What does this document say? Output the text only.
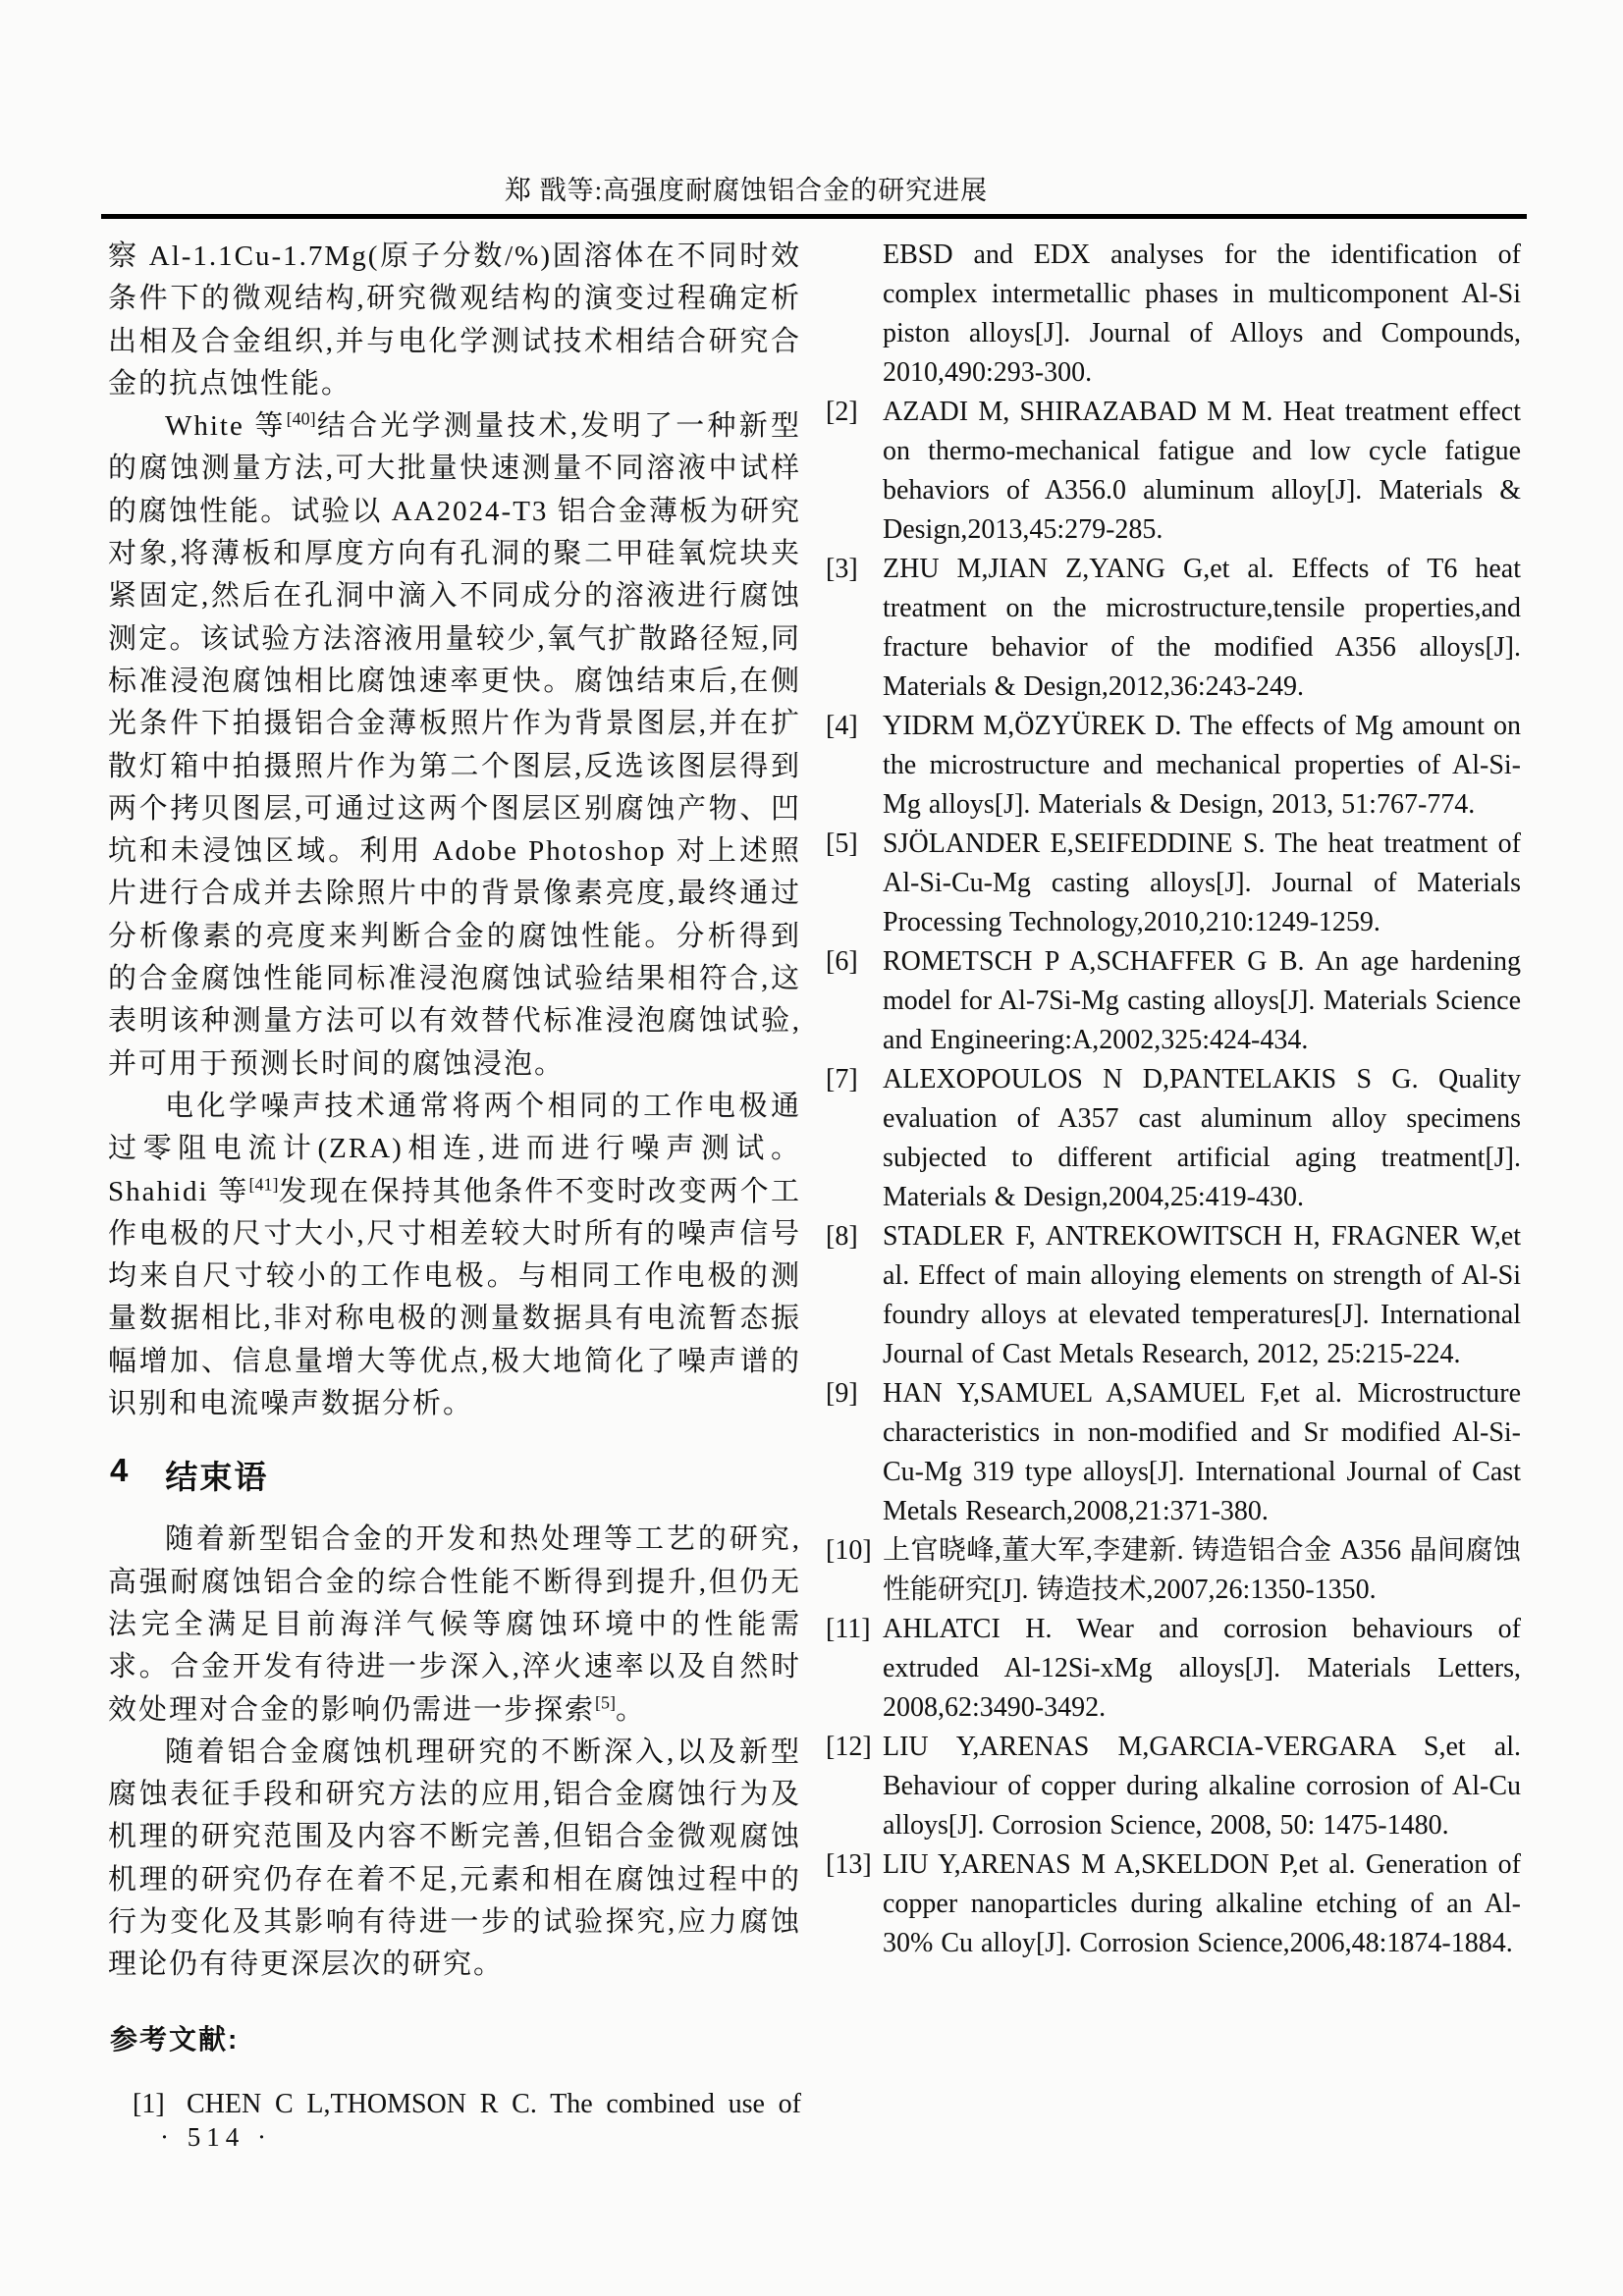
郑 戬等:高强度耐腐蚀铝合金的研究进展

察 Al-1.1Cu-1.7Mg(原子分数/%)固溶体在不同时效条件下的微观结构,研究微观结构的演变过程确定析出相及合金组织,并与电化学测试技术相结合研究合金的抗点蚀性能。

White 等[40]结合光学测量技术,发明了一种新型的腐蚀测量方法,可大批量快速测量不同溶液中试样的腐蚀性能。试验以 AA2024-T3 铝合金薄板为研究对象,将薄板和厚度方向有孔洞的聚二甲硅氧烷块夹紧固定,然后在孔洞中滴入不同成分的溶液进行腐蚀测定。该试验方法溶液用量较少,氧气扩散路径短,同标准浸泡腐蚀相比腐蚀速率更快。腐蚀结束后,在侧光条件下拍摄铝合金薄板照片作为背景图层,并在扩散灯箱中拍摄照片作为第二个图层,反选该图层得到两个拷贝图层,可通过这两个图层区别腐蚀产物、凹坑和未浸蚀区域。利用 Adobe Photoshop 对上述照片进行合成并去除照片中的背景像素亮度,最终通过分析像素的亮度来判断合金的腐蚀性能。分析得到的合金腐蚀性能同标准浸泡腐蚀试验结果相符合,这表明该种测量方法可以有效替代标准浸泡腐蚀试验,并可用于预测长时间的腐蚀浸泡。

电化学噪声技术通常将两个相同的工作电极通过零阻电流计(ZRA)相连,进而进行噪声测试。Shahidi 等[41]发现在保持其他条件不变时改变两个工作电极的尺寸大小,尺寸相差较大时所有的噪声信号均来自尺寸较小的工作电极。与相同工作电极的测量数据相比,非对称电极的测量数据具有电流暂态振幅增加、信息量增大等优点,极大地简化了噪声谱的识别和电流噪声数据分析。

4 结束语

随着新型铝合金的开发和热处理等工艺的研究,高强耐腐蚀铝合金的综合性能不断得到提升,但仍无法完全满足目前海洋气候等腐蚀环境中的性能需求。合金开发有待进一步深入,淬火速率以及自然时效处理对合金的影响仍需进一步探索[5]。

随着铝合金腐蚀机理研究的不断深入,以及新型腐蚀表征手段和研究方法的应用,铝合金腐蚀行为及机理的研究范围及内容不断完善,但铝合金微观腐蚀机理的研究仍存在着不足,元素和相在腐蚀过程中的行为变化及其影响有待进一步的试验探究,应力腐蚀理论仍有待更深层次的研究。

参考文献:
[1] CHEN C L,THOMSON R C. The combined use of
EBSD and EDX analyses for the identification of complex intermetallic phases in multicomponent Al-Si piston alloys[J]. Journal of Alloys and Compounds, 2010,490:293-300.
[2] AZADI M, SHIRAZABAD M M. Heat treatment effect on thermo-mechanical fatigue and low cycle fatigue behaviors of A356.0 aluminum alloy[J]. Materials & Design,2013,45:279-285.
[3] ZHU M,JIAN Z,YANG G,et al. Effects of T6 heat treatment on the microstructure,tensile properties,and fracture behavior of the modified A356 alloys[J]. Materials & Design,2012,36:243-249.
[4] YIDRM M,ÖZYÜREK D. The effects of Mg amount on the microstructure and mechanical properties of Al-Si-Mg alloys[J]. Materials & Design, 2013, 51:767-774.
[5] SJÖLANDER E,SEIFEDDINE S. The heat treatment of Al-Si-Cu-Mg casting alloys[J]. Journal of Materials Processing Technology,2010,210:1249-1259.
[6] ROMETSCH P A,SCHAFFER G B. An age hardening model for Al-7Si-Mg casting alloys[J]. Materials Science and Engineering:A,2002,325:424-434.
[7] ALEXOPOULOS N D,PANTELAKIS S G. Quality evaluation of A357 cast aluminum alloy specimens subjected to different artificial aging treatment[J]. Materials & Design,2004,25:419-430.
[8] STADLER F, ANTREKOWITSCH H, FRAGNER W,et al. Effect of main alloying elements on strength of Al-Si foundry alloys at elevated temperatures[J]. International Journal of Cast Metals Research, 2012, 25:215-224.
[9] HAN Y,SAMUEL A,SAMUEL F,et al. Microstructure characteristics in non-modified and Sr modified Al-Si-Cu-Mg 319 type alloys[J]. International Journal of Cast Metals Research,2008,21:371-380.
[10] 上官晓峰,董大军,李建新. 铸造铝合金 A356 晶间腐蚀性能研究[J]. 铸造技术,2007,26:1350-1350.
[11] AHLATCI H. Wear and corrosion behaviours of extruded Al-12Si-xMg alloys[J]. Materials Letters, 2008,62:3490-3492.
[12] LIU Y,ARENAS M,GARCIA-VERGARA S,et al. Behaviour of copper during alkaline corrosion of Al-Cu alloys[J]. Corrosion Science, 2008, 50: 1475-1480.
[13] LIU Y,ARENAS M A,SKELDON P,et al. Generation of copper nanoparticles during alkaline etching of an Al-30% Cu alloy[J]. Corrosion Science,2006,48:1874-1884.
· 514 ·
